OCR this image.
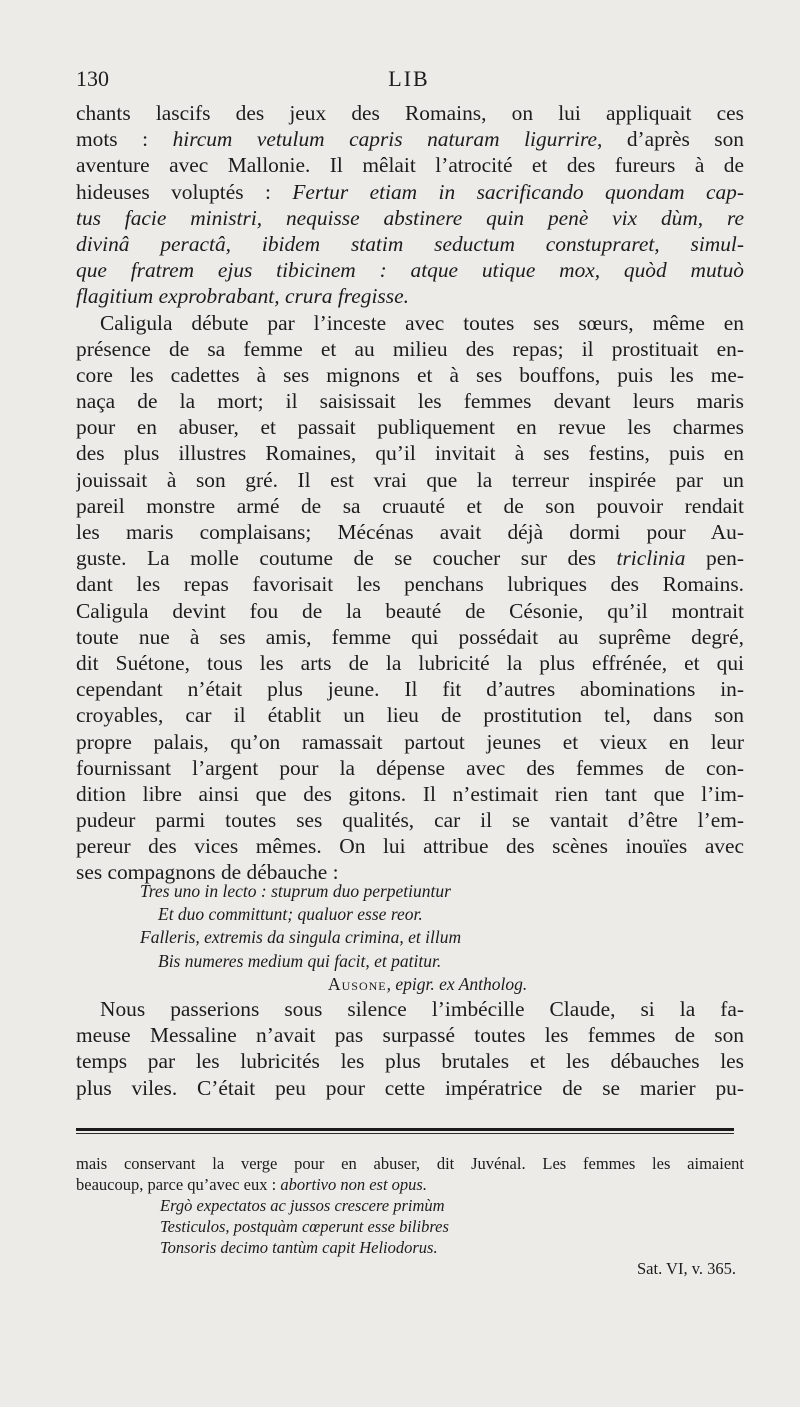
130	LIB
chants lascifs des jeux des Romains, on lui appliquait ces
mots : hircum vetulum capris naturam ligurrire, d’après son
aventure avec Mallonie. Il mêlait l’atrocité et des fureurs à de
hideuses voluptés : Fertur etiam in sacrificando quondam cap-
tus facie ministri, nequisse abstinere quin penè vix dùm, re
divinâ peractâ, ibidem statim seductum constupraret, simul-
que fratrem ejus tibicinem : atque utique mox, quòd mutuò
flagitium exprobrabant, crura fregisse.
Caligula débute par l’inceste avec toutes ses sœurs, même en
présence de sa femme et au milieu des repas; il prostituait en-
core les cadettes à ses mignons et à ses bouffons, puis les me-
naça de la mort; il saisissait les femmes devant leurs maris
pour en abuser, et passait publiquement en revue les charmes
des plus illustres Romaines, qu’il invitait à ses festins, puis en
jouissait à son gré. Il est vrai que la terreur inspirée par un
pareil monstre armé de sa cruauté et de son pouvoir rendait
les maris complaisans; Mécénas avait déjà dormi pour Au-
guste. La molle coutume de se coucher sur des triclinia pen-
dant les repas favorisait les penchans lubriques des Romains.
Caligula devint fou de la beauté de Césonie, qu’il montrait
toute nue à ses amis, femme qui possédait au suprême degré,
dit Suétone, tous les arts de la lubricité la plus effrénée, et qui
cependant n’était plus jeune. Il fit d’autres abominations in-
croyables, car il établit un lieu de prostitution tel, dans son
propre palais, qu’on ramassait partout jeunes et vieux en leur
fournissant l’argent pour la dépense avec des femmes de con-
dition libre ainsi que des gitons. Il n’estimait rien tant que l’im-
pudeur parmi toutes ses qualités, car il se vantait d’être l’em-
pereur des vices mêmes. On lui attribue des scènes inouïes avec
ses compagnons de débauche :
Tres uno in lecto : stuprum duo perpetiuntur
Et duo committunt; qualuor esse reor.
Falleris, extremis da singula crimina, et illum
Bis numeres medium qui facit, et patitur.
Ausone, epigr. ex Antholog.
Nous passerions sous silence l’imbécille Claude, si la fa-
meuse Messaline n’avait pas surpassé toutes les femmes de son
temps par les lubricités les plus brutales et les débauches les
plus viles. C’était peu pour cette impératrice de se marier pu-
mais conservant la verge pour en abuser, dit Juvénal. Les femmes les aimaient
beaucoup, parce qu’avec eux : abortivo non est opus.
Ergò expectatos ac jussos crescere primùm
Testiculos, postquàm cœperunt esse bilibres
Tonsoris decimo tantùm capit Heliodorus.
Sat. VI, v. 365.
